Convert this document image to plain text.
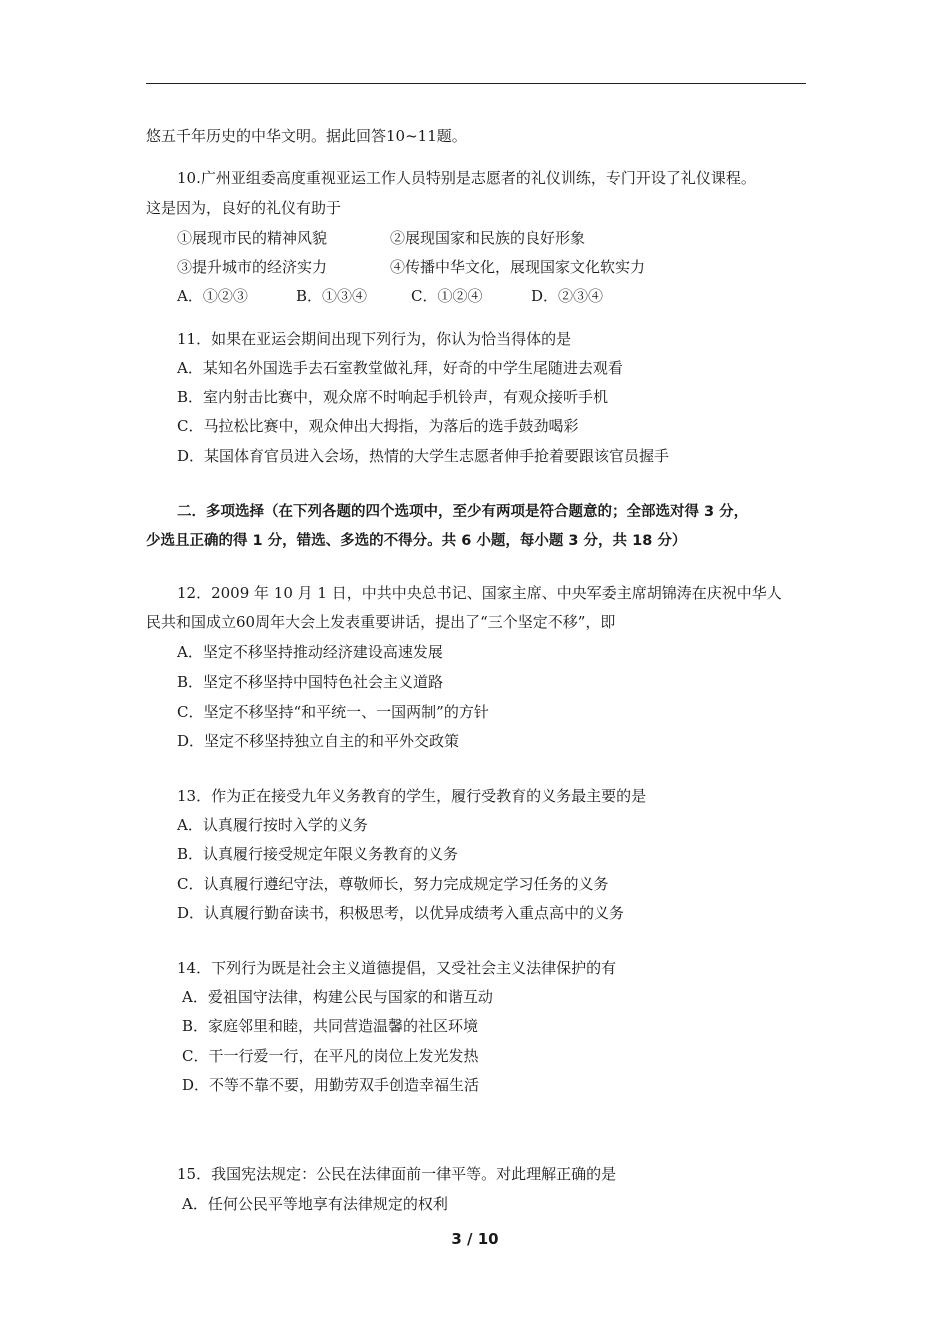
悠五千年历史的中华文明。据此回答10~11题。
10.广州亚组委高度重视亚运工作人员特别是志愿者的礼仪训练，专门开设了礼仪课程。
这是因为，良好的礼仪有助于
①展现市民的精神风貌	②展现国家和民族的良好形象
③提升城市的经济实力	④传播中华文化，展现国家文化软实力
A．①②③	B．①③④	C．①②④	D．②③④
11．如果在亚运会期间出现下列行为，你认为恰当得体的是
A．某知名外国选手去石室教堂做礼拜，好奇的中学生尾随进去观看
B．室内射击比赛中，观众席不时响起手机铃声，有观众接听手机
C．马拉松比赛中，观众伸出大拇指，为落后的选手鼓劲喝彩
D．某国体育官员进入会场，热情的大学生志愿者伸手抢着要跟该官员握手
二．多项选择（在下列各题的四个选项中，至少有两项是符合题意的；全部选对得 3 分，
少选且正确的得 1 分，错选、多选的不得分。共 6 小题，每小题 3 分，共 18 分）
12．2009 年 10 月 1 日，中共中央总书记、国家主席、中央军委主席胡锦涛在庆祝中华人
民共和国成立60周年大会上发表重要讲话，提出了“三个坚定不移”，即
A．坚定不移坚持推动经济建设高速发展
B．坚定不移坚持中国特色社会主义道路
C．坚定不移坚持“和平统一、一国两制”的方针
D．坚定不移坚持独立自主的和平外交政策
13．作为正在接受九年义务教育的学生，履行受教育的义务最主要的是
A．认真履行按时入学的义务
B．认真履行接受规定年限义务教育的义务
C．认真履行遵纪守法，尊敬师长，努力完成规定学习任务的义务
D．认真履行勤奋读书，积极思考，以优异成绩考入重点高中的义务
14．下列行为既是社会主义道德提倡，又受社会主义法律保护的有
A．爱祖国守法律，构建公民与国家的和谐互动
B．家庭邻里和睦，共同营造温馨的社区环境
C．干一行爱一行，在平凡的岗位上发光发热
D．不等不靠不要，用勤劳双手创造幸福生活
15．我国宪法规定：公民在法律面前一律平等。对此理解正确的是
A．任何公民平等地享有法律规定的权利
3 / 10
